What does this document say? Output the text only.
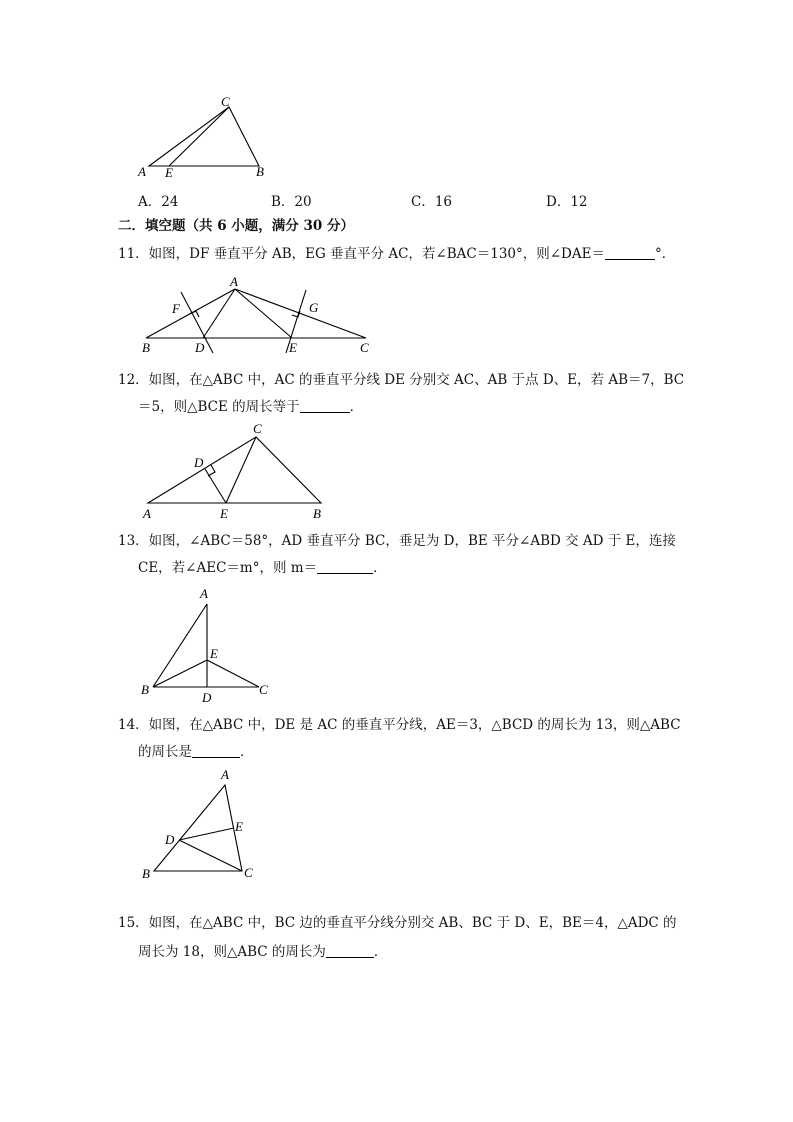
C
A E	B
A．24	B．20	C．16	D．12
二．填空题（共 6 小题，满分 30 分）
11．如图，DF 垂直平分 AB，EG 垂直平分 AC，若∠BAC＝130°，则∠DAE＝	°．
A
F	G
B	D	E	C
12．如图，在△ABC 中，AC 的垂直平分线 DE 分别交 AC、AB 于点 D、E，若 AB＝7，BC
＝5，则△BCE 的周长等于	．
C
D
A	E	B
13．如图，∠ABC＝58°，AD 垂直平分 BC，垂足为 D，BE 平分∠ABD 交 AD 于 E，连接
CE，若∠AEC＝m°，则 m＝	．
A
E
B
D
C
14．如图，在△ABC 中，DE 是 AC 的垂直平分线，AE＝3，△BCD 的周长为 13，则△ABC
的周长是	．
A
E
D
B	C
15．如图，在△ABC 中，BC 边的垂直平分线分别交 AB、BC 于 D、E，BE＝4，△ADC 的
周长为 18，则△ABC 的周长为	．
